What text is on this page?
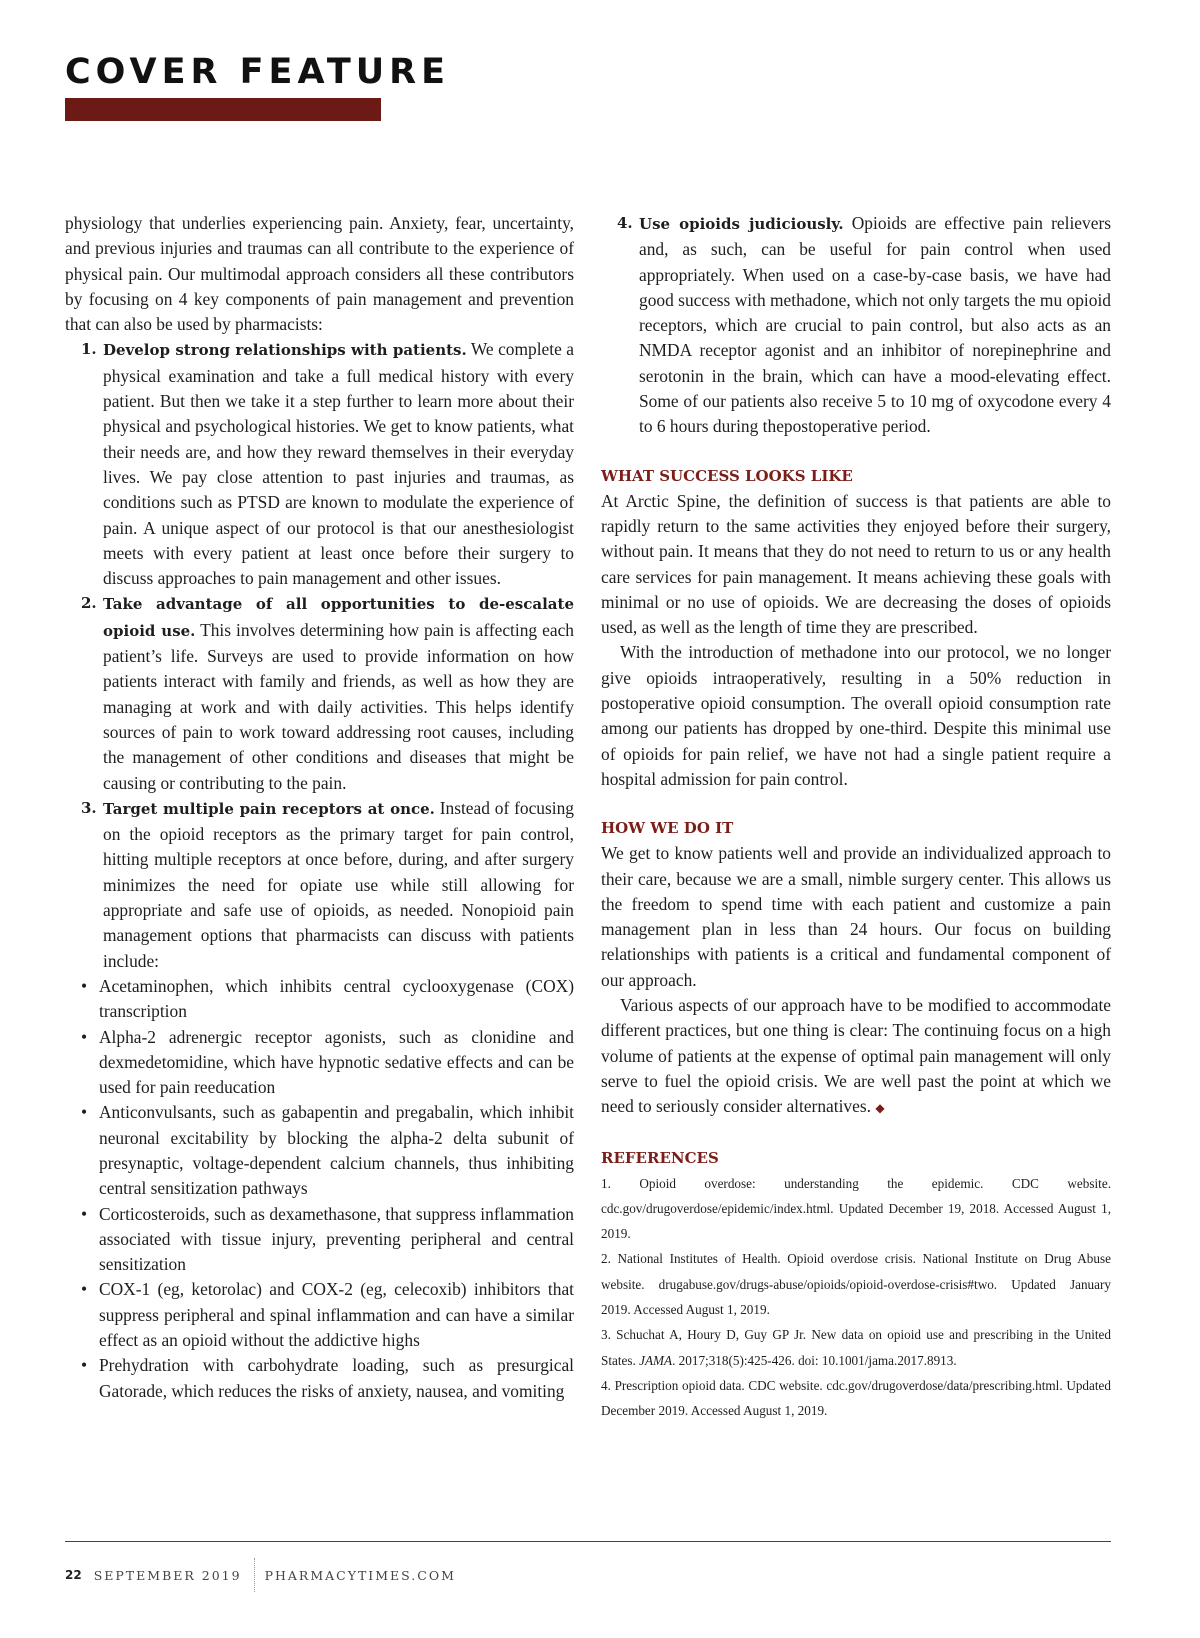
COVER FEATURE

physiology that underlies experiencing pain. Anxiety, fear, uncertainty, and previous injuries and traumas can all contribute to the experience of physical pain. Our multimodal approach considers all these contributors by focusing on 4 key components of pain management and prevention that can also be used by pharmacists:

1. Develop strong relationships with patients. We complete a physical examination and take a full medical history with every patient. But then we take it a step further to learn more about their physical and psychological histories. We get to know patients, what their needs are, and how they reward themselves in their everyday lives. We pay close attention to past injuries and traumas, as conditions such as PTSD are known to modulate the experience of pain. A unique aspect of our protocol is that our anesthesiologist meets with every patient at least once before their surgery to discuss approaches to pain management and other issues.
2. Take advantage of all opportunities to de-escalate opioid use. This involves determining how pain is affecting each patient’s life. Surveys are used to provide information on how patients interact with family and friends, as well as how they are managing at work and with daily activities. This helps identify sources of pain to work toward addressing root causes, including the management of other conditions and diseases that might be causing or contributing to the pain.
3. Target multiple pain receptors at once. Instead of focusing on the opioid receptors as the primary target for pain control, hitting multiple receptors at once before, during, and after surgery minimizes the need for opiate use while still allowing for appropriate and safe use of opioids, as needed. Nonopioid pain management options that pharmacists can discuss with patients include:
• Acetaminophen, which inhibits central cyclooxygenase (COX) transcription
• Alpha-2 adrenergic receptor agonists, such as clonidine and dexmedetomidine, which have hypnotic sedative effects and can be used for pain reeducation
• Anticonvulsants, such as gabapentin and pregabalin, which inhibit neuronal excitability by blocking the alpha-2 delta subunit of presynaptic, voltage-dependent calcium channels, thus inhibiting central sensitization pathways
• Corticosteroids, such as dexamethasone, that suppress inflammation associated with tissue injury, preventing peripheral and central sensitization
• COX-1 (eg, ketorolac) and COX-2 (eg, celecoxib) inhibitors that suppress peripheral and spinal inflammation and can have a similar effect as an opioid without the addictive highs
• Prehydration with carbohydrate loading, such as presurgical Gatorade, which reduces the risks of anxiety, nausea, and vomiting
4. Use opioids judiciously. Opioids are effective pain relievers and, as such, can be useful for pain control when used appropriately. When used on a case-by-case basis, we have had good success with methadone, which not only targets the mu opioid receptors, which are crucial to pain control, but also acts as an NMDA receptor agonist and an inhibitor of norepinephrine and serotonin in the brain, which can have a mood-elevating effect. Some of our patients also receive 5 to 10 mg of oxycodone every 4 to 6 hours during thepostoperative period.
WHAT SUCCESS LOOKS LIKE

At Arctic Spine, the definition of success is that patients are able to rapidly return to the same activities they enjoyed before their surgery, without pain. It means that they do not need to return to us or any health care services for pain management. It means achieving these goals with minimal or no use of opioids. We are decreasing the doses of opioids used, as well as the length of time they are prescribed.

With the introduction of methadone into our protocol, we no longer give opioids intraoperatively, resulting in a 50% reduction in postoperative opioid consumption. The overall opioid consumption rate among our patients has dropped by one-third. Despite this minimal use of opioids for pain relief, we have not had a single patient require a hospital admission for pain control.

HOW WE DO IT

We get to know patients well and provide an individualized approach to their care, because we are a small, nimble surgery center. This allows us the freedom to spend time with each patient and customize a pain management plan in less than 24 hours. Our focus on building relationships with patients is a critical and fundamental component of our approach.

Various aspects of our approach have to be modified to accommodate different practices, but one thing is clear: The continuing focus on a high volume of patients at the expense of optimal pain management will only serve to fuel the opioid crisis. We are well past the point at which we need to seriously consider alternatives. ◆

REFERENCES

1. Opioid overdose: understanding the epidemic. CDC website. cdc.gov/drugoverdose/epidemic/index.html. Updated December 19, 2018. Accessed August 1, 2019.

2. National Institutes of Health. Opioid overdose crisis. National Institute on Drug Abuse website. drugabuse.gov/drugs-abuse/opioids/opioid-overdose-crisis#two. Updated January 2019. Accessed August 1, 2019.

3. Schuchat A, Houry D, Guy GP Jr. New data on opioid use and prescribing in the United States. JAMA. 2017;318(5):425-426. doi: 10.1001/jama.2017.8913.

4. Prescription opioid data. CDC website. cdc.gov/drugoverdose/data/prescribing.html. Updated December 2019. Accessed August 1, 2019.

22 SEPTEMBER 2019 PHARMACYTIMES.COM
